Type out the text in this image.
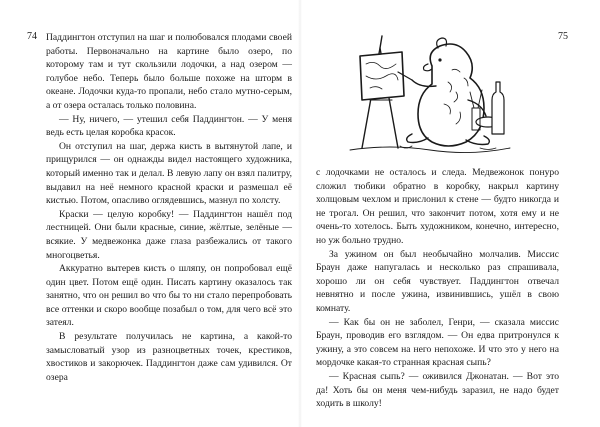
74	75

Паддингтон отступил на шаг и полюбовался плодами своей работы. Первоначально на картине было озеро, по которому там и тут скользили лодочки, а над озером — голубое небо. Теперь было больше похоже на шторм в океане. Лодочки куда-то пропали, небо стало мутно-серым, а от озера осталась только половина.

— Ну, ничего, — утешил себя Паддингтон. — У меня ведь есть целая коробка красок.

Он отступил на шаг, держа кисть в вытянутой лапе, и прищурился — он однажды видел настоящего художника, который именно так и делал. В левую лапу он взял палитру, выдавил на неё немного красной краски и размешал её кистью. Потом, опасливо оглядевшись, мазнул по холсту.

Краски — целую коробку! — Паддингтон нашёл под лестницей. Они были красные, синие, жёлтые, зелёные — всякие. У медвежонка даже глаза разбежались от такого многоцветья.

Аккуратно вытерев кисть о шляпу, он попробовал ещё один цвет. Потом ещё один. Писать картину оказалось так занятно, что он решил во что бы то ни стало перепробовать все оттенки и скоро вообще позабыл о том, для чего всё это затеял.

В результате получилась не картина, а какой-то замысловатый узор из разноцветных точек, крестиков, хвостиков и закорючек. Паддингтон даже сам удивился. От озера

с лодочками не осталось и следа. Медвежонок понуро сложил тюбики обратно в коробку, накрыл картину холщовым чехлом и прислонил к стене — будто никогда и не трогал. Он решил, что закончит потом, хотя ему и не очень-то хотелось. Быть художником, конечно, интересно, но уж больно трудно.

За ужином он был необычайно молчалив. Миссис Браун даже напугалась и несколько раз спрашивала, хорошо ли он себя чувствует. Паддингтон отвечал невнятно и после ужина, извинившись, ушёл в свою комнату.

— Как бы он не заболел, Генри, — сказала миссис Браун, проводив его взглядом. — Он едва притронулся к ужину, а это совсем на него непохоже. И что это у него на мордочке какая-то странная красная сыпь?

— Красная сыпь? — оживился Джонатан. — Вот это да! Хоть бы он меня чем-нибудь заразил, не надо будет ходить в школу!
